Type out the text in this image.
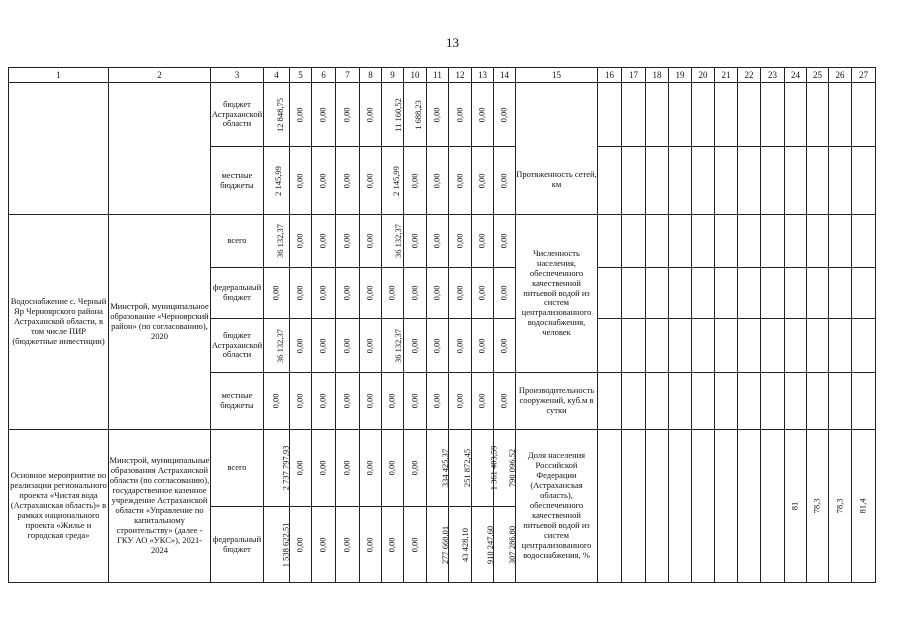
13
1	2	3	4	5	6	7	8	9	10	11	12	13	14	15	16	17	18	19	20	21	22	23	24	25	26	27
		бюджет Астраханской области	12 848,75	0,00	0,00	0,00	0,00	11 160,52	1 688,23	0,00	0,00	0,00	0,00													
		местные бюджеты	2 145,99	0,00	0,00	0,00	0,00	2 145,99	0,00	0,00	0,00	0,00	0,00	Протяженность сетей, км												
Водоснабжение с. Черный Яр Черноярского района Астраханской области, в том числе ПИР (бюджетные инвестиции)	Минстрой, муниципальное образование «Черноярский район» (по согласованию), 2020	всего	36 132,37	0,00	0,00	0,00	0,00	36 132,37	0,00	0,00	0,00	0,00	0,00	Численность населения, обеспеченного качественной питьевой водой из систем централизованного водоснабжения, человек												
		федеральный бюджет	0,00	0,00	0,00	0,00	0,00	0,00	0,00	0,00	0,00	0,00	0,00													
		бюджет Астраханской области	36 132,37	0,00	0,00	0,00	0,00	36 132,37	0,00	0,00	0,00	0,00	0,00													
		местные бюджеты	0,00	0,00	0,00	0,00	0,00	0,00	0,00	0,00	0,00	0,00	0,00	Производительность сооружений, куб.м в сутки												
Основное мероприятие по реализации регионального проекта «Чистая вода (Астраханская область)» в рамках национального проекта «Жилье и городская среда»	Минстрой, муниципальные образования Астраханской области (по согласованию), государственное казенное учреждение Астраханской области «Управление по капитальному строительству» (далее - ГКУ АО «УКС»), 2021-2024	всего	2 737 797,93	0,00	0,00	0,00	0,00	0,00	0,00	334 425,37	251 872,45	1 361 403,59	790 096,52	Доля населения Российской Федерации (Астраханская область), обеспеченного качественной питьевой водой из систем централизованного водоснабжения, %									81	78,3	78,3	81,4
		федеральный бюджет	1 538 622,51	0,00	0,00	0,00	0,00	0,00	0,00	277 660,01	43 428,10	910 247,60	307 286,80													
